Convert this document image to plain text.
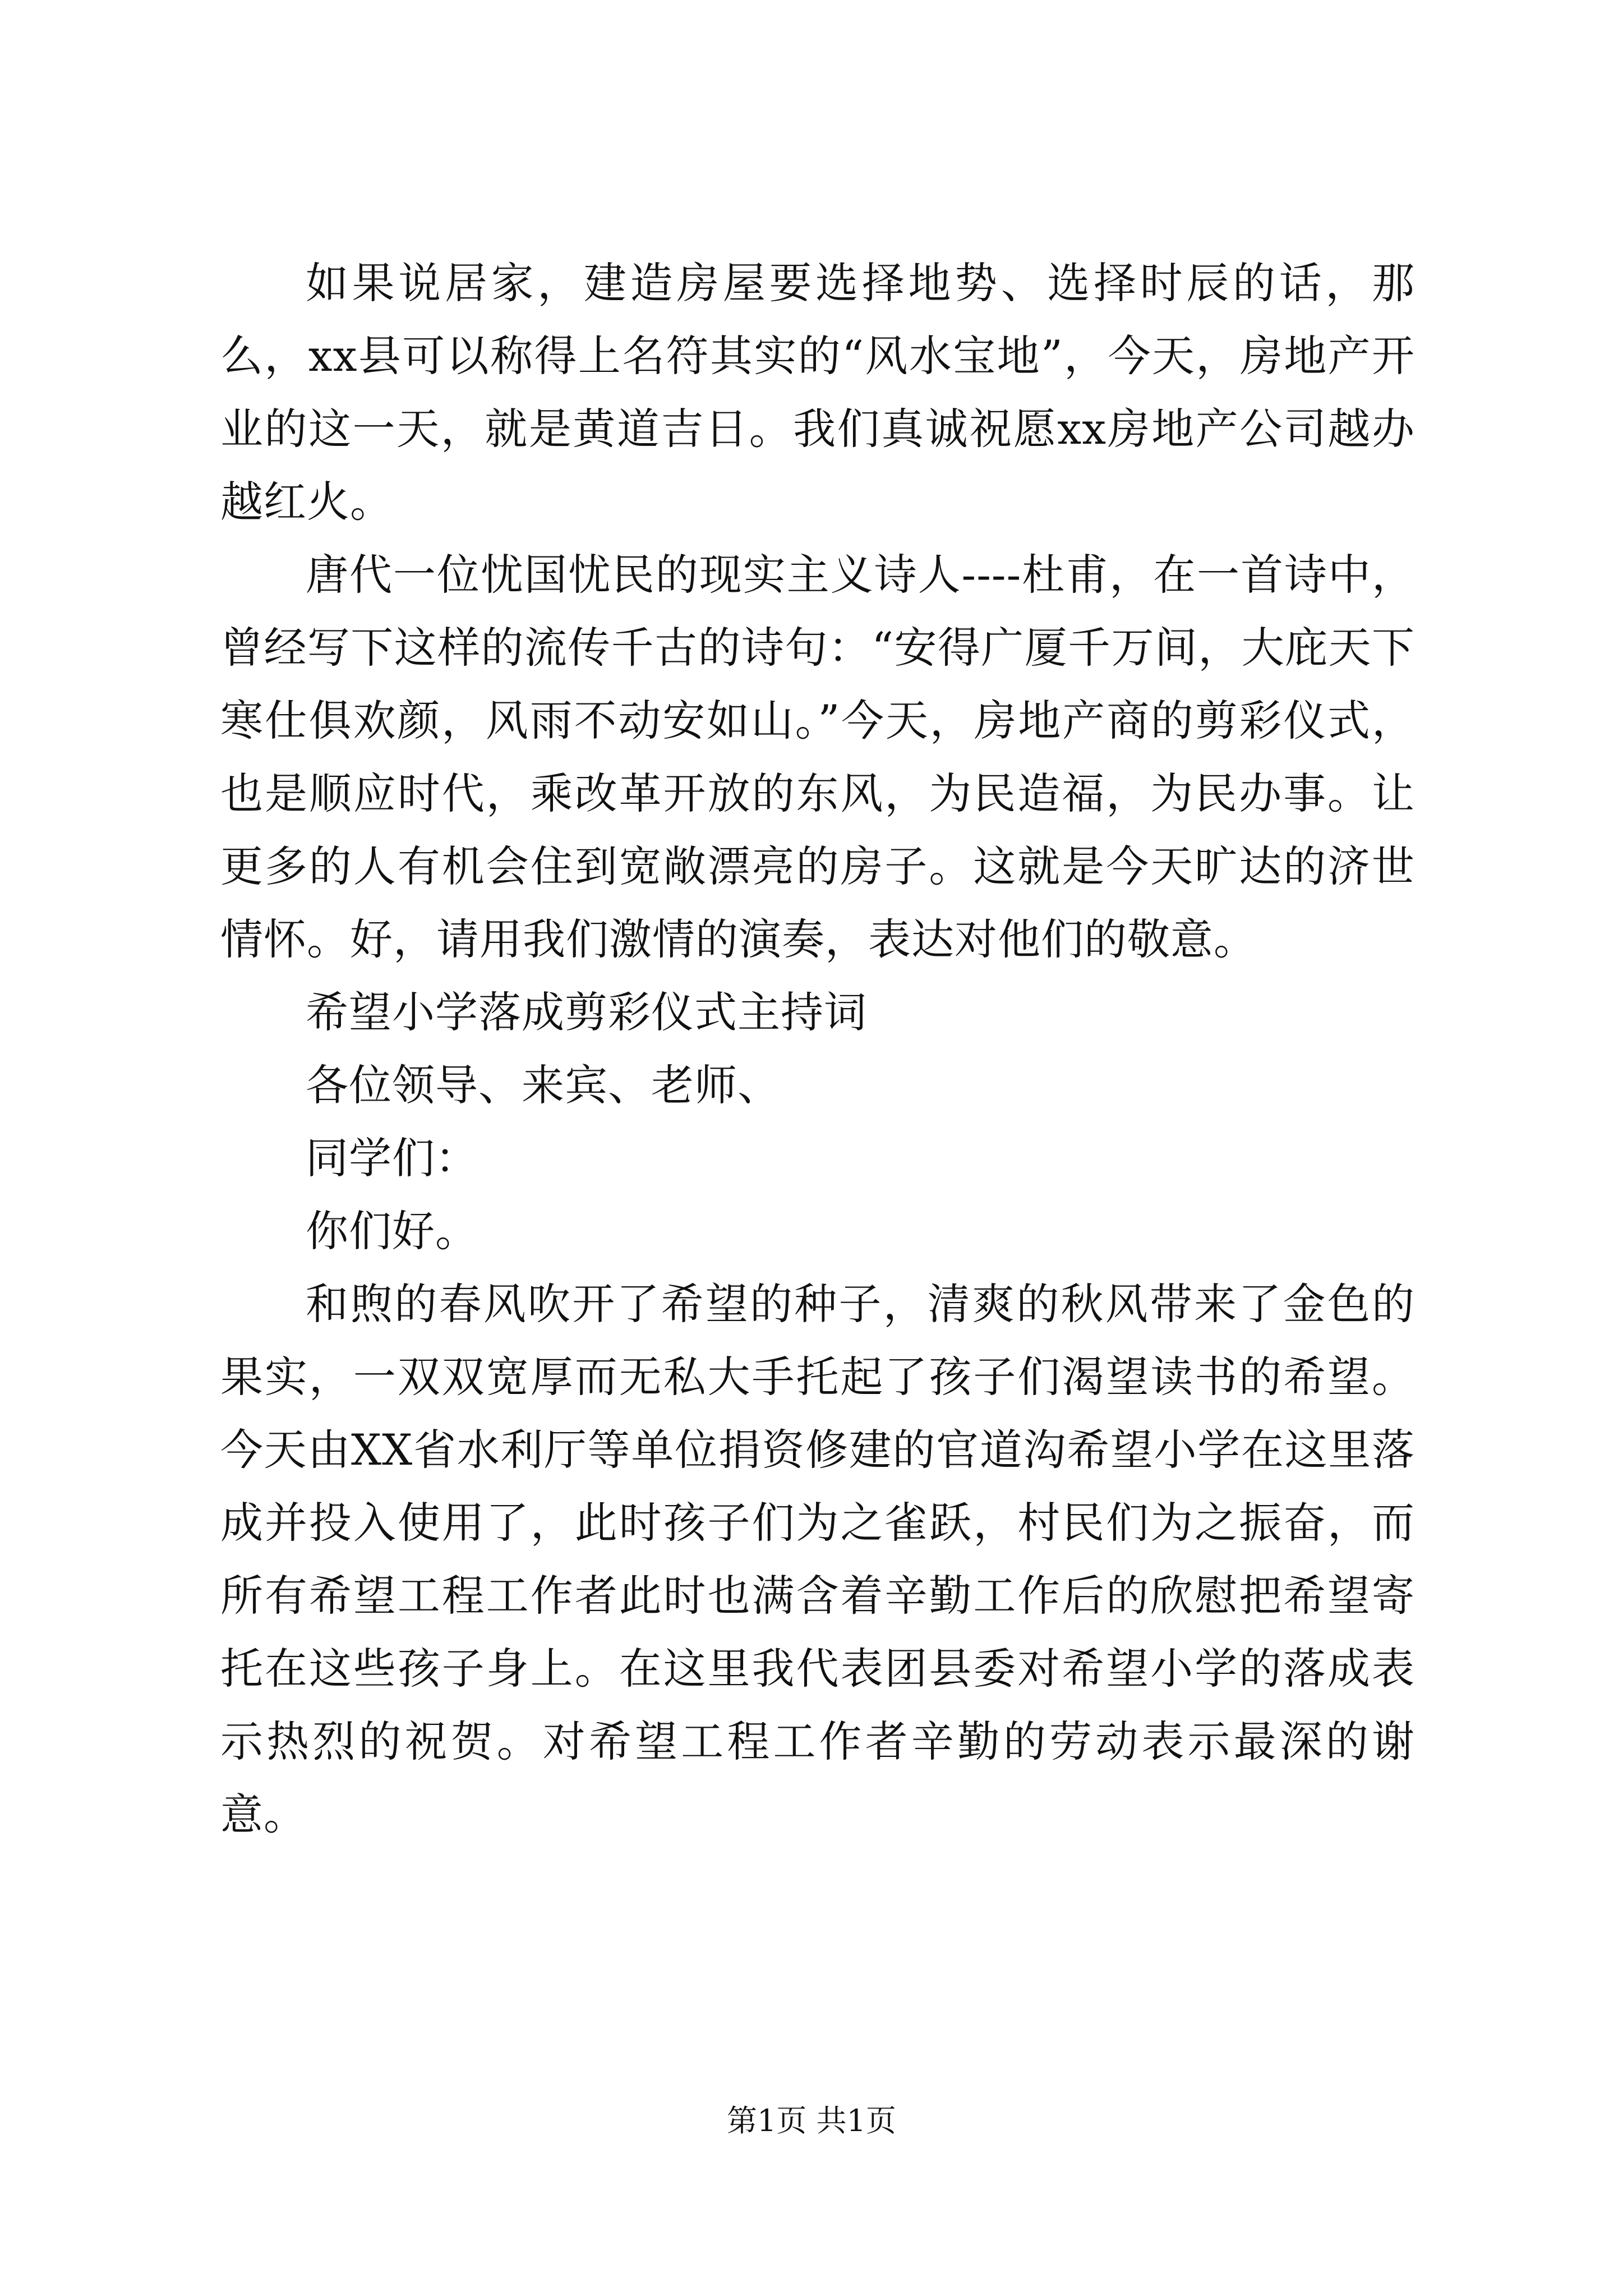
如果说居家，建造房屋要选择地势、选择时辰的话，那么，xx县可以称得上名符其实的“风水宝地”，今天，房地产开业的这一天，就是黄道吉日。我们真诚祝愿xx房地产公司越办越红火。

唐代一位忧国忧民的现实主义诗人----杜甫，在一首诗中，曾经写下这样的流传千古的诗句：“安得广厦千万间，大庇天下寒仕俱欢颜，风雨不动安如山。”今天，房地产商的剪彩仪式，也是顺应时代，乘改革开放的东风，为民造福，为民办事。让更多的人有机会住到宽敞漂亮的房子。这就是今天旷达的济世情怀。好，请用我们激情的演奏，表达对他们的敬意。

希望小学落成剪彩仪式主持词

各位领导、来宾、老师、

同学们：

你们好。

和煦的春风吹开了希望的种子，清爽的秋风带来了金色的果实，一双双宽厚而无私大手托起了孩子们渴望读书的希望。今天由XX省水利厅等单位捐资修建的官道沟希望小学在这里落成并投入使用了，此时孩子们为之雀跃，村民们为之振奋，而所有希望工程工作者此时也满含着辛勤工作后的欣慰把希望寄托在这些孩子身上。在这里我代表团县委对希望小学的落成表示热烈的祝贺。对希望工程工作者辛勤的劳动表示最深的谢意。

第1页 共1页
